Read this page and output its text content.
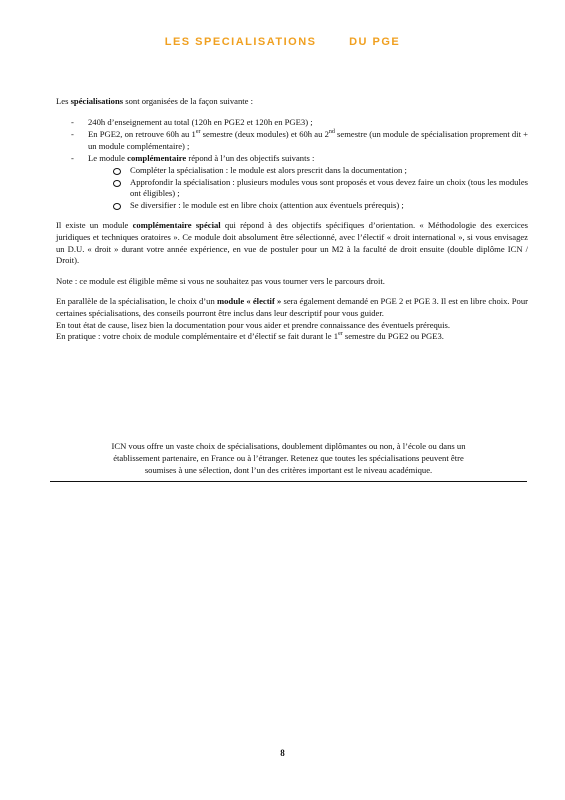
LES SPECIALISATIONS	DU PGE

Les spécialisations sont organisées de la façon suivante :

- 240h d’enseignement au total (120h en PGE2 et 120h en PGE3) ;
- En PGE2, on retrouve 60h au 1er semestre (deux modules) et 60h au 2nd semestre (un module de spécialisation proprement dit + un module complémentaire) ;
- Le module complémentaire répond à l’un des objectifs suivants :
Compléter la spécialisation : le module est alors prescrit dans la documentation ;
Approfondir la spécialisation : plusieurs modules vous sont proposés et vous devez faire un choix (tous les modules ont éligibles) ;
Se diversifier : le module est en libre choix (attention aux éventuels prérequis) ;

Il existe un module complémentaire spécial qui répond à des objectifs spécifiques d’orientation. « Méthodologie des exercices juridiques et techniques oratoires ». Ce module doit absolument être sélectionné, avec l’électif « droit international », si vous envisagez un D.U. « droit » durant votre année expérience, en vue de postuler pour un M2 à la faculté de droit ensuite (double diplôme ICN / Droit).

Note : ce module est éligible même si vous ne souhaitez pas vous tourner vers le parcours droit.

En parallèle de la spécialisation, le choix d’un module « électif » sera également demandé en PGE 2 et PGE 3. Il est en libre choix. Pour certaines spécialisations, des conseils pourront être inclus dans leur descriptif pour vous guider.

En tout état de cause, lisez bien la documentation pour vous aider et prendre connaissance des éventuels prérequis.

En pratique : votre choix de module complémentaire et d’électif se fait durant le 1er semestre du PGE2 ou PGE3.

ICN vous offre un vaste choix de spécialisations, doublement diplômantes ou non, à l’école ou dans un
établissement partenaire, en France ou à l’étranger. Retenez que toutes les spécialisations peuvent être
soumises à une sélection, dont l’un des critères important est le niveau académique.
8
